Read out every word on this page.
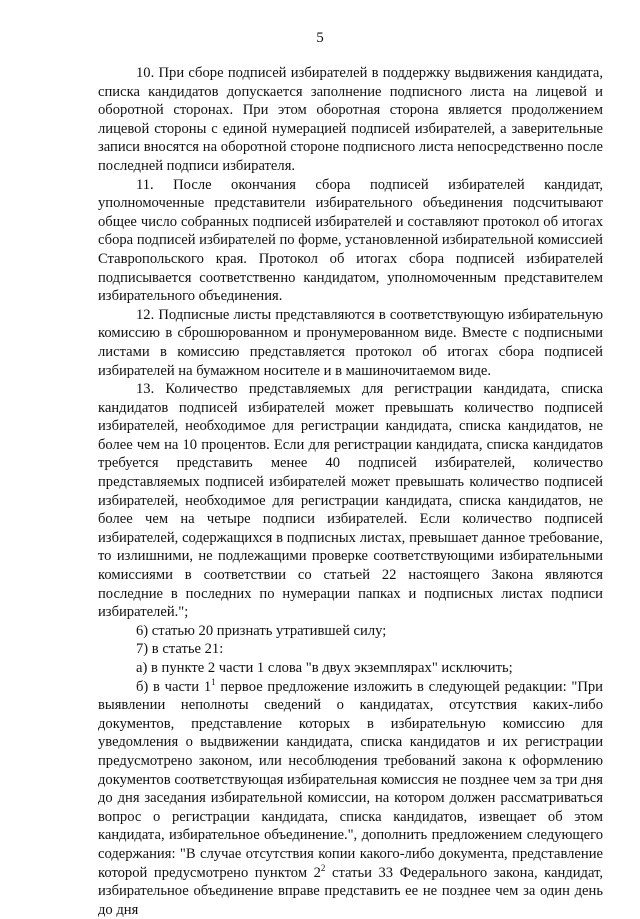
5

10. При сборе подписей избирателей в поддержку выдвижения кандидата, списка кандидатов допускается заполнение подписного листа на лицевой и оборотной сторонах. При этом оборотная сторона является продолжением лицевой стороны с единой нумерацией подписей избирателей, а заверительные записи вносятся на оборотной стороне подписного листа непосредственно после последней подписи избирателя.

11. После окончания сбора подписей избирателей кандидат, уполномоченные представители избирательного объединения подсчитывают общее число собранных подписей избирателей и составляют протокол об итогах сбора подписей избирателей по форме, установленной избирательной комиссией Ставропольского края. Протокол об итогах сбора подписей избирателей подписывается соответственно кандидатом, уполномоченным представителем избирательного объединения.

12. Подписные листы представляются в соответствующую избирательную комиссию в сброшюрованном и пронумерованном виде. Вместе с подписными листами в комиссию представляется протокол об итогах сбора подписей избирателей на бумажном носителе и в машиночитаемом виде.

13. Количество представляемых для регистрации кандидата, списка кандидатов подписей избирателей может превышать количество подписей избирателей, необходимое для регистрации кандидата, списка кандидатов, не более чем на 10 процентов. Если для регистрации кандидата, списка кандидатов требуется представить менее 40 подписей избирателей, количество представляемых подписей избирателей может превышать количество подписей избирателей, необходимое для регистрации кандидата, списка кандидатов, не более чем на четыре подписи избирателей. Если количество подписей избирателей, содержащихся в подписных листах, превышает данное требование, то излишними, не подлежащими проверке соответствующими избирательными комиссиями в соответствии со статьей 22 настоящего Закона являются последние в последних по нумерации папках и подписных листах подписи избирателей.";

6) статью 20 признать утратившей силу;

7) в статье 21:

а) в пункте 2 части 1 слова "в двух экземплярах" исключить;

б) в части $1^1$ первое предложение изложить в следующей редакции: "При выявлении неполноты сведений о кандидатах, отсутствия каких-либо документов, представление которых в избирательную комиссию для уведомления о выдвижении кандидата, списка кандидатов и их регистрации предусмотрено законом, или несоблюдения требований закона к оформлению документов соответствующая избирательная комиссия не позднее чем за три дня до дня заседания избирательной комиссии, на котором должен рассматриваться вопрос о регистрации кандидата, списка кандидатов, извещает об этом кандидата, избирательное объединение.", дополнить предложением следующего содержания: "В случае отсутствия копии какого-либо документа, представление которой предусмотрено пунктом $2^2$ статьи 33 Федерального закона, кандидат, избирательное объединение вправе представить ее не позднее чем за один день до дня
